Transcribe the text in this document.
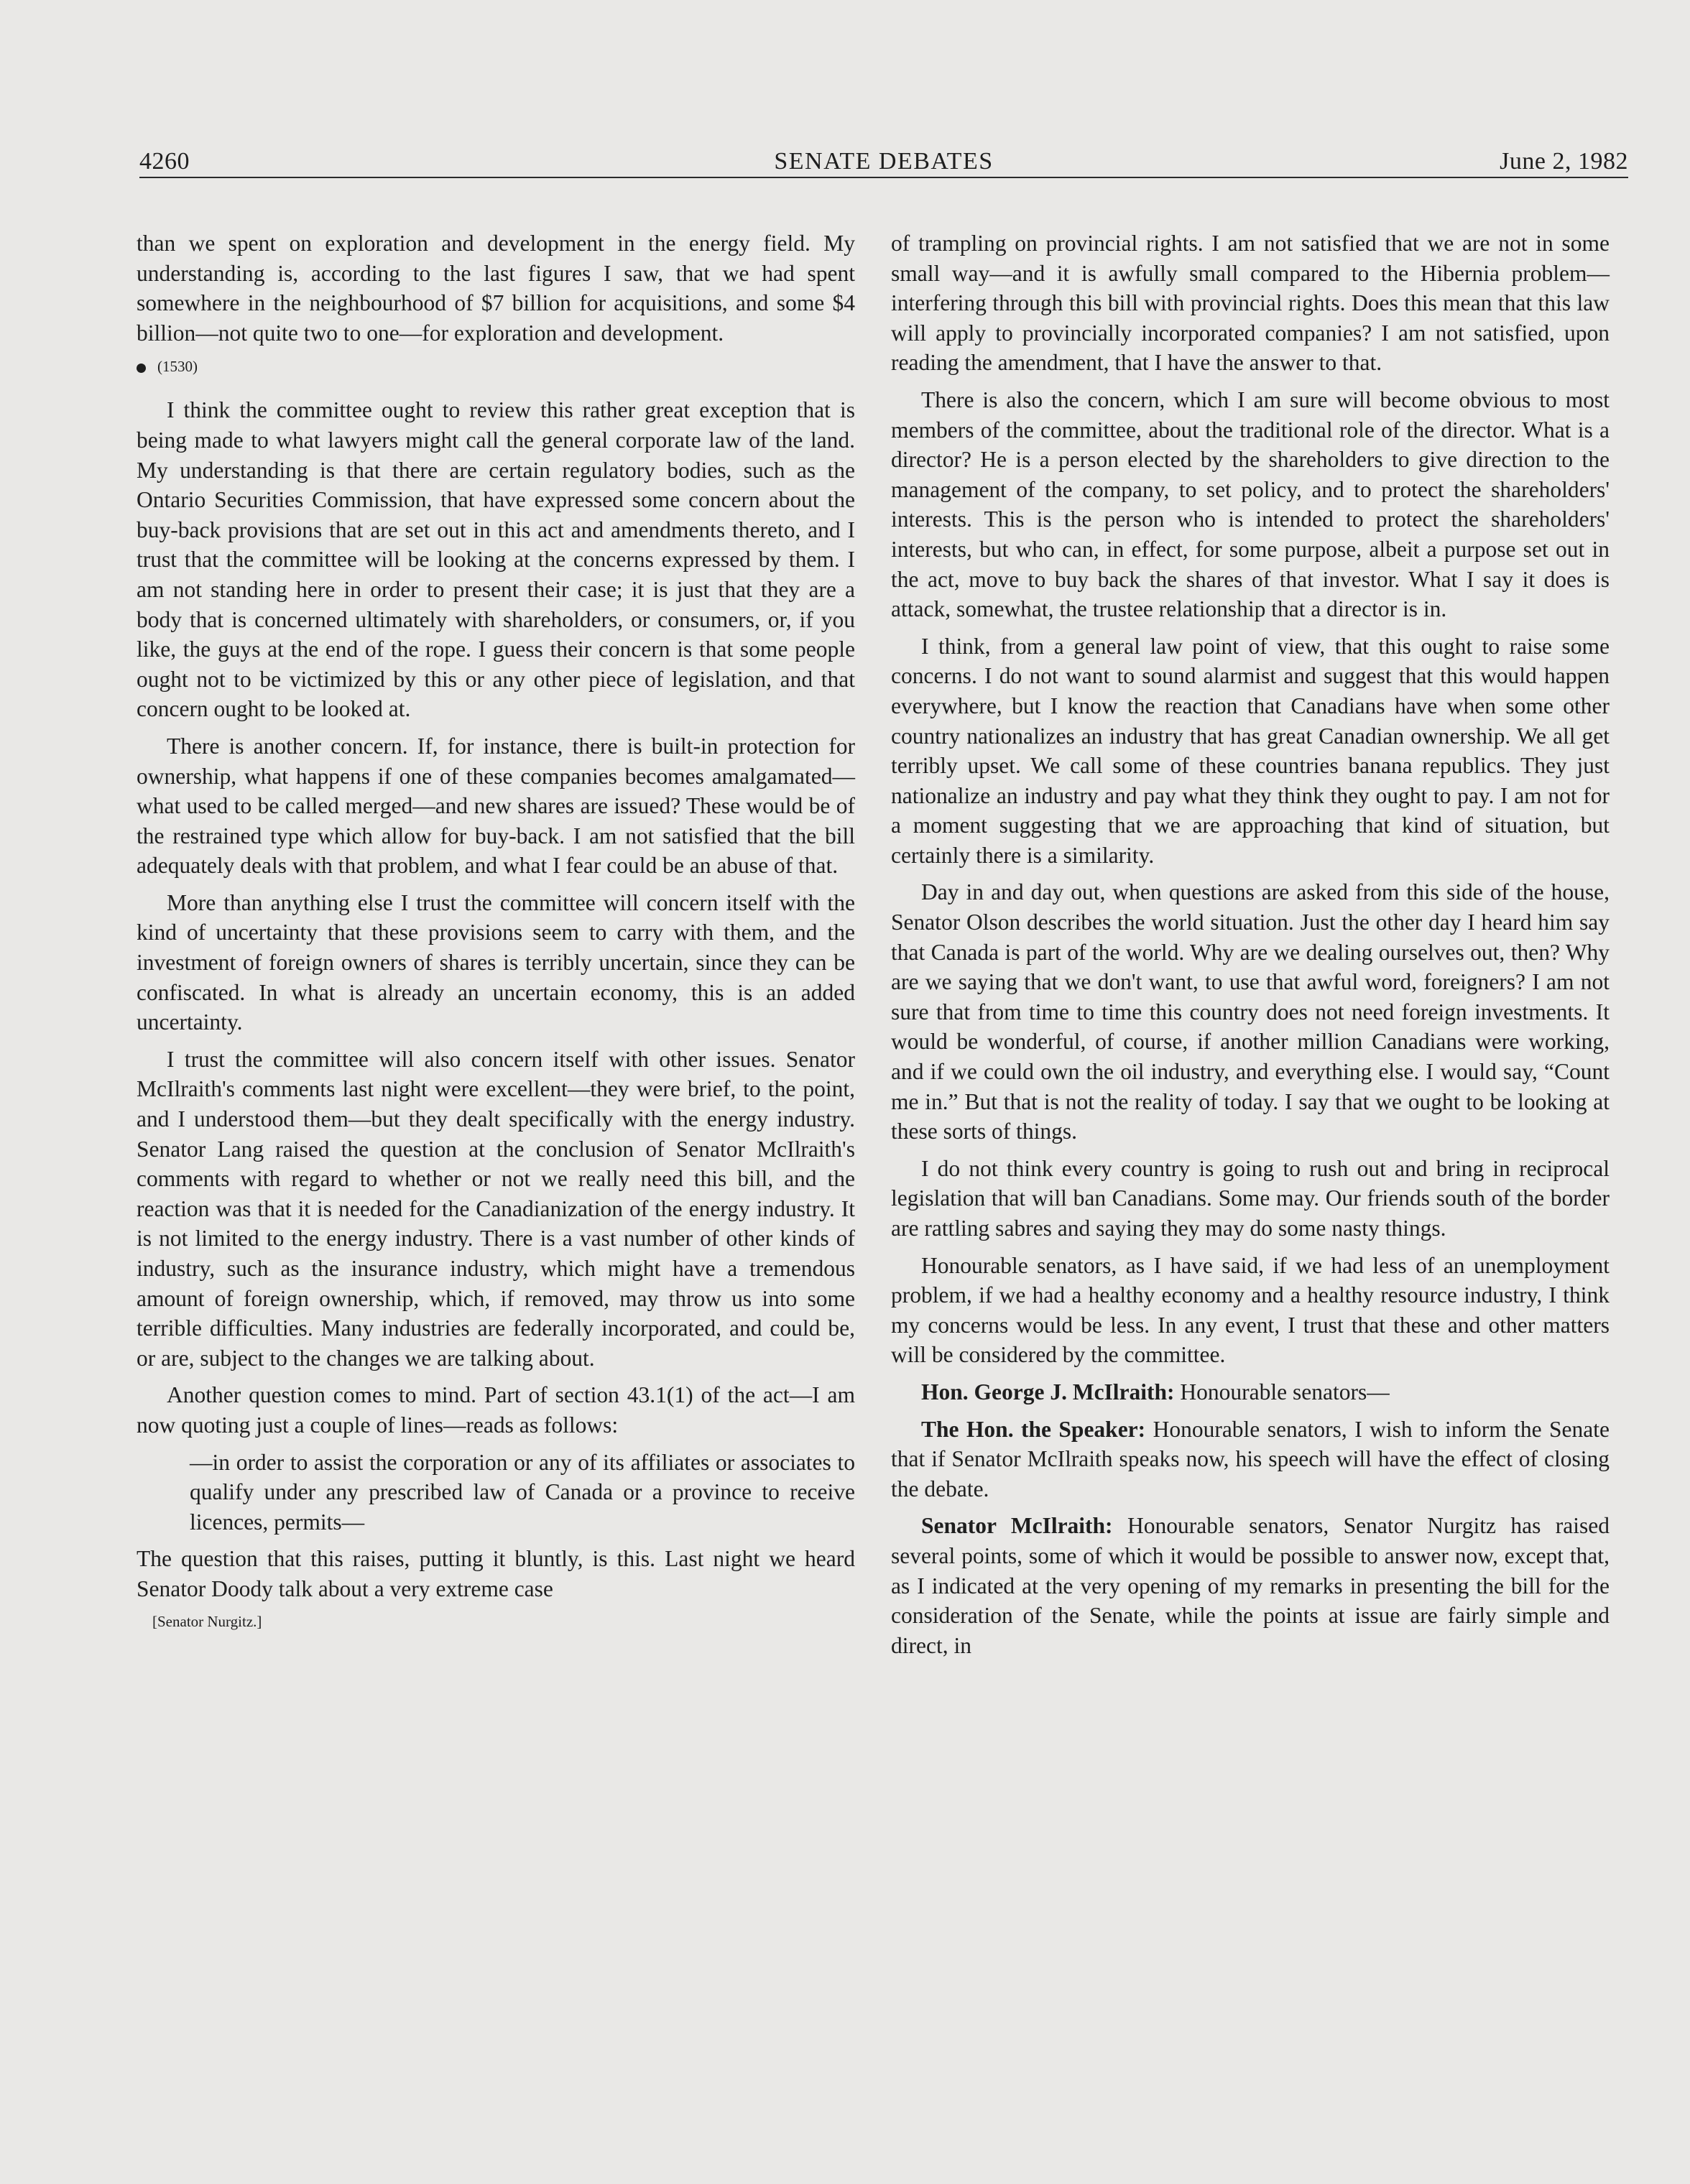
4260	SENATE DEBATES	June 2, 1982

than we spent on exploration and development in the energy field. My understanding is, according to the last figures I saw, that we had spent somewhere in the neighbourhood of $7 billion for acquisitions, and some $4 billion—not quite two to one—for exploration and development.

(1530)

I think the committee ought to review this rather great exception that is being made to what lawyers might call the general corporate law of the land. My understanding is that there are certain regulatory bodies, such as the Ontario Securities Commission, that have expressed some concern about the buy-back provisions that are set out in this act and amendments thereto, and I trust that the committee will be looking at the concerns expressed by them. I am not standing here in order to present their case; it is just that they are a body that is concerned ultimately with shareholders, or consumers, or, if you like, the guys at the end of the rope. I guess their concern is that some people ought not to be victimized by this or any other piece of legislation, and that concern ought to be looked at.

There is another concern. If, for instance, there is built-in protection for ownership, what happens if one of these companies becomes amalgamated—what used to be called merged—and new shares are issued? These would be of the restrained type which allow for buy-back. I am not satisfied that the bill adequately deals with that problem, and what I fear could be an abuse of that.

More than anything else I trust the committee will concern itself with the kind of uncertainty that these provisions seem to carry with them, and the investment of foreign owners of shares is terribly uncertain, since they can be confiscated. In what is already an uncertain economy, this is an added uncertainty.

I trust the committee will also concern itself with other issues. Senator McIlraith's comments last night were excellent—they were brief, to the point, and I understood them—but they dealt specifically with the energy industry. Senator Lang raised the question at the conclusion of Senator McIlraith's comments with regard to whether or not we really need this bill, and the reaction was that it is needed for the Canadianization of the energy industry. It is not limited to the energy industry. There is a vast number of other kinds of industry, such as the insurance industry, which might have a tremendous amount of foreign ownership, which, if removed, may throw us into some terrible difficulties. Many industries are federally incorporated, and could be, or are, subject to the changes we are talking about.

Another question comes to mind. Part of section 43.1(1) of the act—I am now quoting just a couple of lines—reads as follows:

—in order to assist the corporation or any of its affiliates or associates to qualify under any prescribed law of Canada or a province to receive licences, permits—

The question that this raises, putting it bluntly, is this. Last night we heard Senator Doody talk about a very extreme case

[Senator Nurgitz.]

of trampling on provincial rights. I am not satisfied that we are not in some small way—and it is awfully small compared to the Hibernia problem—interfering through this bill with provincial rights. Does this mean that this law will apply to provincially incorporated companies? I am not satisfied, upon reading the amendment, that I have the answer to that.

There is also the concern, which I am sure will become obvious to most members of the committee, about the traditional role of the director. What is a director? He is a person elected by the shareholders to give direction to the management of the company, to set policy, and to protect the shareholders' interests. This is the person who is intended to protect the shareholders' interests, but who can, in effect, for some purpose, albeit a purpose set out in the act, move to buy back the shares of that investor. What I say it does is attack, somewhat, the trustee relationship that a director is in.

I think, from a general law point of view, that this ought to raise some concerns. I do not want to sound alarmist and suggest that this would happen everywhere, but I know the reaction that Canadians have when some other country nationalizes an industry that has great Canadian ownership. We all get terribly upset. We call some of these countries banana republics. They just nationalize an industry and pay what they think they ought to pay. I am not for a moment suggesting that we are approaching that kind of situation, but certainly there is a similarity.

Day in and day out, when questions are asked from this side of the house, Senator Olson describes the world situation. Just the other day I heard him say that Canada is part of the world. Why are we dealing ourselves out, then? Why are we saying that we don't want, to use that awful word, foreigners? I am not sure that from time to time this country does not need foreign investments. It would be wonderful, of course, if another million Canadians were working, and if we could own the oil industry, and everything else. I would say, “Count me in.” But that is not the reality of today. I say that we ought to be looking at these sorts of things.

I do not think every country is going to rush out and bring in reciprocal legislation that will ban Canadians. Some may. Our friends south of the border are rattling sabres and saying they may do some nasty things.

Honourable senators, as I have said, if we had less of an unemployment problem, if we had a healthy economy and a healthy resource industry, I think my concerns would be less. In any event, I trust that these and other matters will be considered by the committee.

Hon. George J. McIlraith: Honourable senators—

The Hon. the Speaker: Honourable senators, I wish to inform the Senate that if Senator McIlraith speaks now, his speech will have the effect of closing the debate.

Senator McIlraith: Honourable senators, Senator Nurgitz has raised several points, some of which it would be possible to answer now, except that, as I indicated at the very opening of my remarks in presenting the bill for the consideration of the Senate, while the points at issue are fairly simple and direct, in
